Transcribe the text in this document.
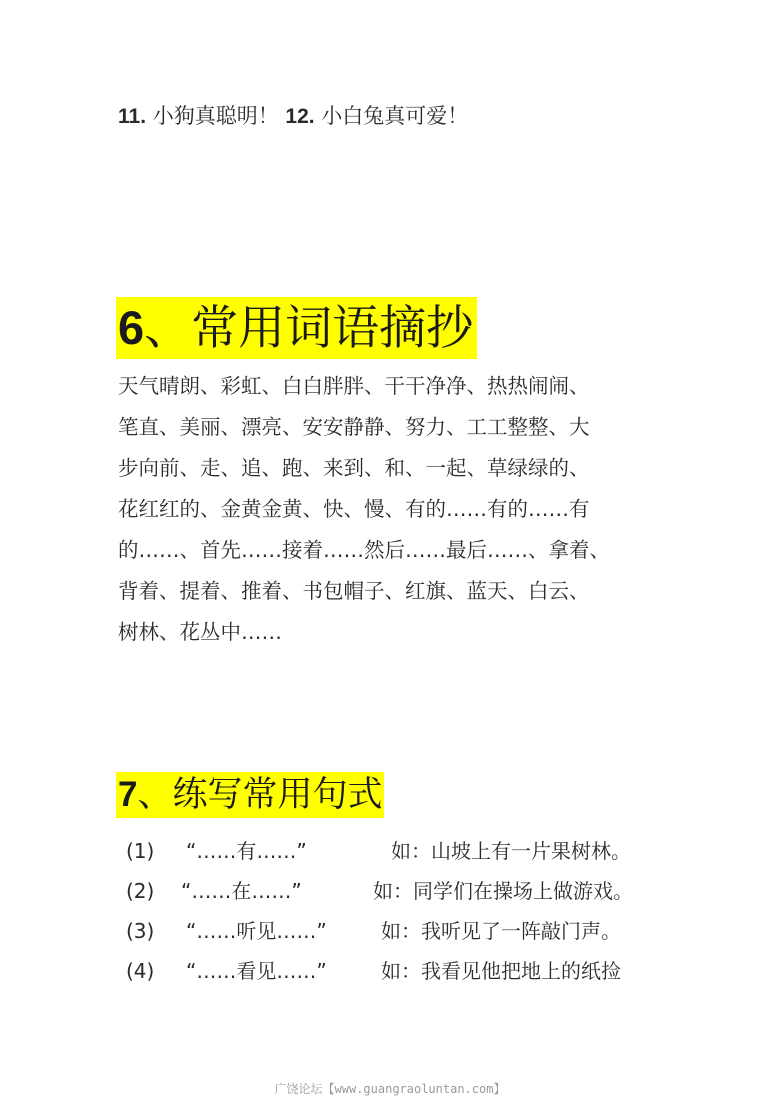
11. 小狗真聪明！ 12. 小白兔真可爱！
6、常用词语摘抄
天气晴朗、彩虹、白白胖胖、干干净净、热热闹闹、
笔直、美丽、漂亮、安安静静、努力、工工整整、大
步向前、走、追、跑、来到、和、一起、草绿绿的、
花红红的、金黄金黄、快、慢、有的……有的……有
的……、首先……接着……然后……最后……、拿着、
背着、提着、推着、书包帽子、红旗、蓝天、白云、
树林、花丛中……
7、练写常用句式
(1) “……有……”	如：山坡上有一片果树林。
(2) “……在……”	如：同学们在操场上做游戏。
(3) “……听见……”	如：我听见了一阵敲门声。
(4) “……看见……”	如：我看见他把地上的纸捡
广饶论坛【www.guangraoluntan.com】
